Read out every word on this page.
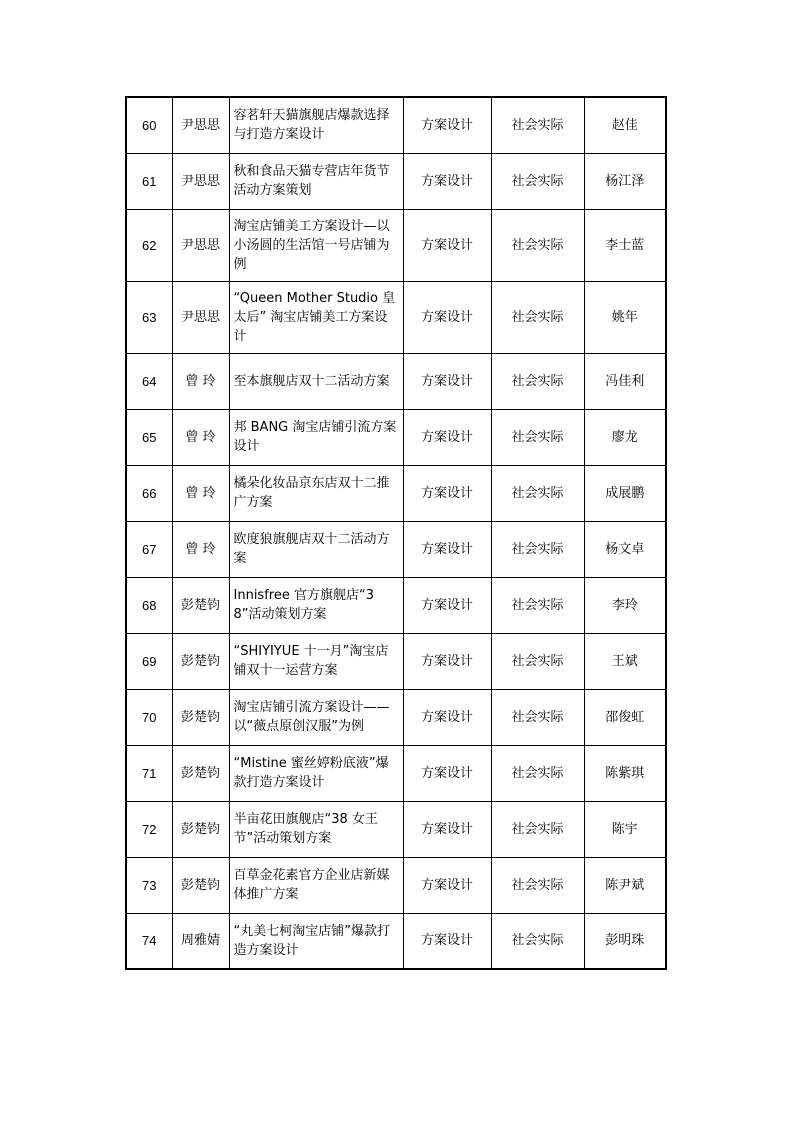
60	尹思思	容茗轩天猫旗舰店爆款选择与打造方案设计	方案设计	社会实际	赵佳
61	尹思思	秋和食品天猫专营店年货节活动方案策划	方案设计	社会实际	杨江泽
62	尹思思	淘宝店铺美工方案设计—以小汤圆的生活馆一号店铺为例	方案设计	社会实际	李士蓝
63	尹思思	“Queen Mother Studio 皇太后” 淘宝店铺美工方案设计	方案设计	社会实际	姚年
64	曾 玲	至本旗舰店双十二活动方案	方案设计	社会实际	冯佳利
65	曾 玲	邦 BANG 淘宝店铺引流方案设计	方案设计	社会实际	廖龙
66	曾 玲	橘朵化妆品京东店双十二推广方案	方案设计	社会实际	成展鹏
67	曾 玲	欧度狼旗舰店双十二活动方案	方案设计	社会实际	杨文卓
68	彭楚钧	Innisfree 官方旗舰店“38”活动策划方案	方案设计	社会实际	李玲
69	彭楚钧	“SHIYIYUE 十一月”淘宝店铺双十一运营方案	方案设计	社会实际	王斌
70	彭楚钧	淘宝店铺引流方案设计——以“薇点原创汉服”为例	方案设计	社会实际	邵俊虹
71	彭楚钧	“Mistine 蜜丝婷粉底液”爆款打造方案设计	方案设计	社会实际	陈紫琪
72	彭楚钧	半亩花田旗舰店“38 女王节”活动策划方案	方案设计	社会实际	陈宇
73	彭楚钧	百草金花素官方企业店新媒体推广方案	方案设计	社会实际	陈尹斌
74	周雅婧	“丸美七柯淘宝店铺”爆款打造方案设计	方案设计	社会实际	彭明珠
